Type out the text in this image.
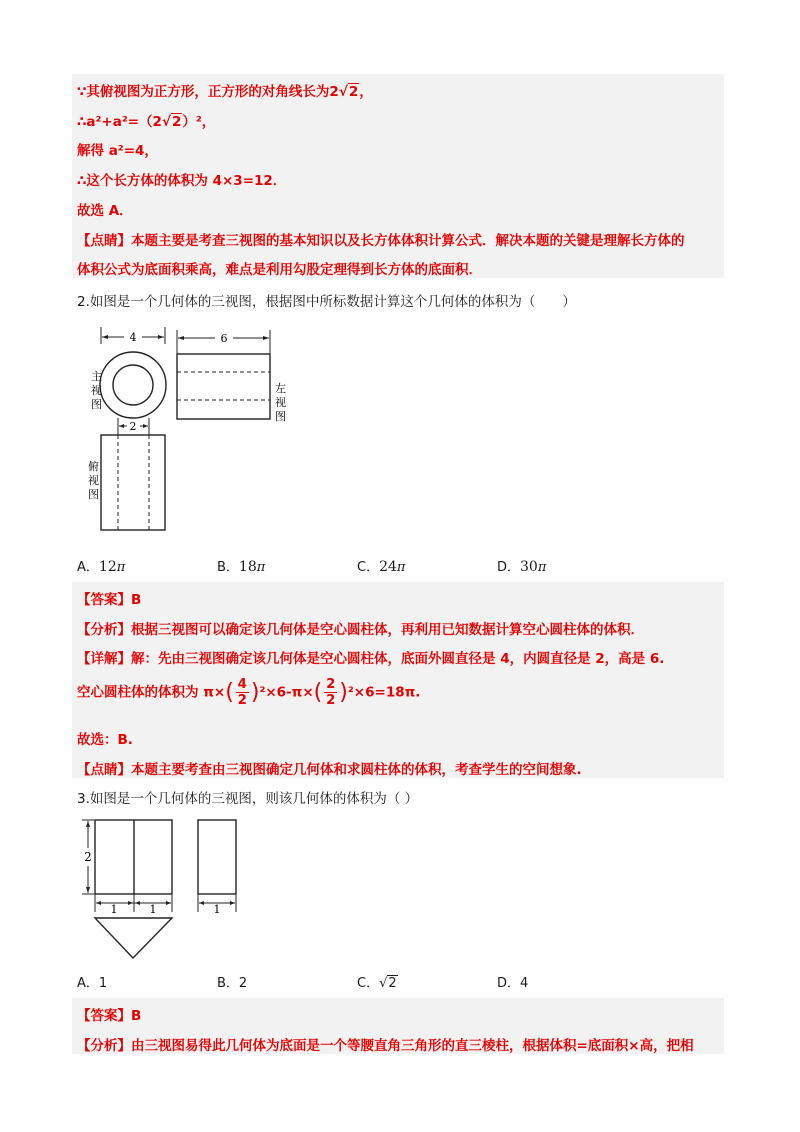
∵其俯视图为正方形，正方形的对角线长为2√2，
∴a²+a²=（2√2）²，
解得 a²=4，
∴这个长方体的体积为 4×3=12．
故选 A．
【点睛】本题主要是考查三视图的基本知识以及长方体体积计算公式．解决本题的关键是理解长方体的
体积公式为底面积乘高，难点是利用勾股定理得到长方体的底面积．
2.如图是一个几何体的三视图，根据图中所标数据计算这个几何体的体积为（　　）
4
主
视
图
6
左
视
图
2
俯
视
图
A．12π	B．18π	C．24π	D．30π
【答案】B
【分析】根据三视图可以确定该几何体是空心圆柱体，再利用已知数据计算空心圆柱体的体积．
【详解】解：先由三视图确定该几何体是空心圆柱体，底面外圆直径是 4，内圆直径是 2，高是 6.
空心圆柱体的体积为 $\pi\times( \frac{4}{2} )^2\times 6-\pi\times( \frac{2}{2} )^2\times 6=18\pi$.
故选：B.
【点睛】本题主要考查由三视图确定几何体和求圆柱体的体积，考查学生的空间想象.
3.如图是一个几何体的三视图，则该几何体的体积为（ ）
2
1	1	1
A．1	B．2	C．√2	D．4
【答案】B
【分析】由三视图易得此几何体为底面是一个等腰直角三角形的直三棱柱，根据体积=底面积×高，把相
